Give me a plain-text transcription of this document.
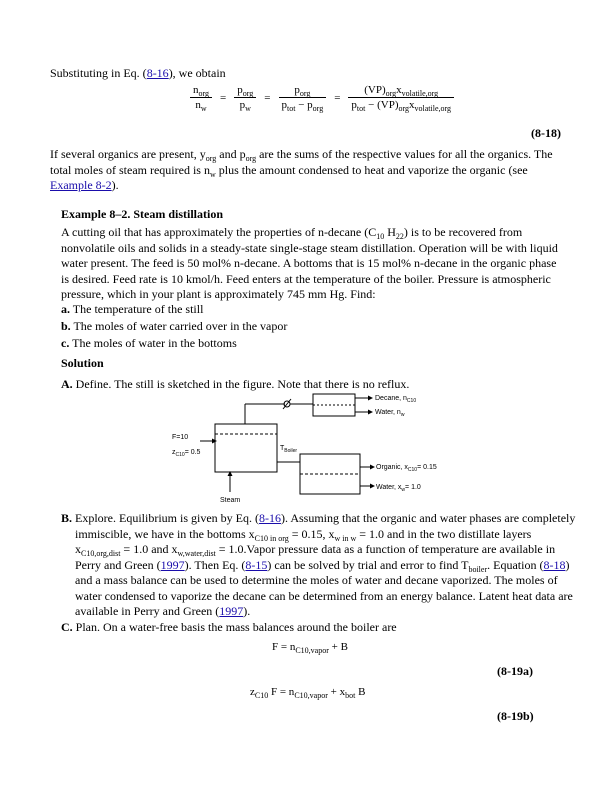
Substituting in Eq. (8-16), we obtain
$\frac{n_{org}}{n_w} = \frac{p_{org}}{p_w} = \frac{p_{org}}{p_{tot} - p_{org}} = \frac{(VP)_{org}x_{volatile,org}}{p_{tot} - (VP)_{org}x_{volatile,org}}$
(8-18)
If several organics are present, $y_{org}$ and $p_{org}$ are the sums of the respective values for all the organics. The total moles of steam required is $n_w$ plus the amount condensed to heat and vaporize the organic (see Example 8-2).
Example 8–2. Steam distillation
A cutting oil that has approximately the properties of n-decane ($C_{10}$ $H_{22}$) is to be recovered from nonvolatile oils and solids in a steady-state single-stage steam distillation. Operation will be with liquid water present. The feed is 50 mol% n-decane. A bottoms that is 15 mol% n-decane in the organic phase is desired. Feed rate is 10 kmol/h. Feed enters at the temperature of the boiler. Pressure is atmospheric pressure, which in your plant is approximately 745 mm Hg. Find:
a. The temperature of the still
b. The moles of water carried over in the vapor
c. The moles of water in the bottoms
Solution
A. Define. The still is sketched in the figure. Note that there is no reflux.
Decane, $n_{C10}$
Water, $n_w$
F=10
$z_{C10}= 0.5$
$T_{Boiler}$
Organic, $x_{C10}= 0.15$
Water, $x_w= 1.0$
Steam
B. Explore. Equilibrium is given by Eq. (8-16). Assuming that the organic and water phases are completely immiscible, we have in the bottoms $x_{C10 in org} = 0.15$, $x_{w in w} = 1.0$ and in the two distillate layers $x_{C10,org,dist} = 1.0$ and $x_{w,water,dist}$ = 1.0.Vapor pressure data as a function of temperature are available in Perry and Green (1997). Then Eq. (8-15) can be solved by trial and error to find $T_{boiler}$. Equation (8-18) and a mass balance can be used to determine the moles of water and decane vaporized. The moles of water condensed to vaporize the decane can be determined from an energy balance. Latent heat data are available in Perry and Green (1997).
C. Plan. On a water-free basis the mass balances around the boiler are
$F = n_{C10,vapor} + B$
(8-19a)
$z_{C10}$ $F = n_{C10,vapor} + x_{bot}$ B
(8-19b)
